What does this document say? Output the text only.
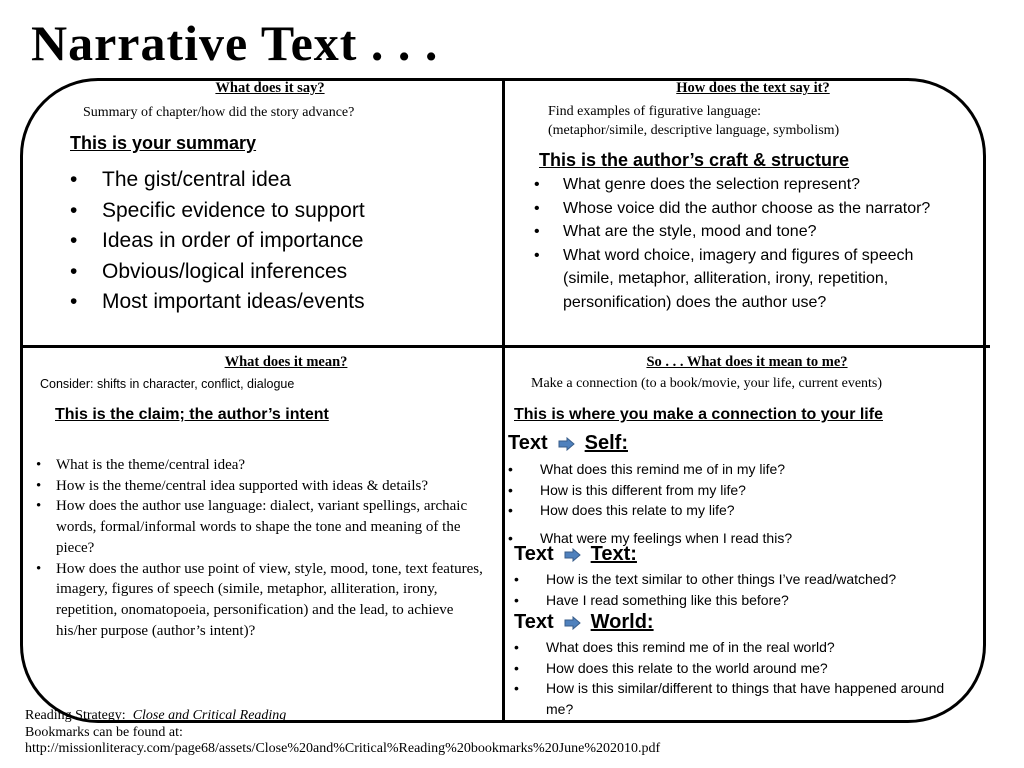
Narrative Text . . .
What does it say?
Summary of chapter/how did the story advance?
This is your summary
• The gist/central idea
• Specific evidence to support
• Ideas in order of importance
• Obvious/logical inferences
• Most important ideas/events
How does the text say it?
Find examples of figurative language:
(metaphor/simile, descriptive language, symbolism)
This is the author’s craft & structure
• What genre does the selection represent?
• Whose voice did the author choose as the narrator?
• What are the style, mood and tone?
• What word choice, imagery and figures of speech (simile, metaphor, alliteration, irony, repetition, personification) does the author use?
What does it mean?
Consider: shifts in character, conflict, dialogue
This is the claim; the author’s intent
• What is the theme/central idea?
• How is the theme/central idea supported with ideas & details?
• How does the author use language: dialect, variant spellings, archaic words, formal/informal words to shape the tone and meaning of the piece?
• How does the author use point of view, style, mood, tone, text features, imagery, figures of speech (simile, metaphor, alliteration, irony, repetition, onomatopoeia, personification) and the lead, to achieve his/her purpose (author’s intent)?
So . . . What does it mean to me?
Make a connection (to a book/movie, your life, current events)
This is where you make a connection to your life
Text Self:
• What does this remind me of in my life?
• How is this different from my life?
• How does this relate to my life?
• What were my feelings when I read this?
Text Text:
• How is the text similar to other things I’ve read/watched?
• Have I read something like this before?
Text World:
• What does this remind me of in the real world?
• How does this relate to the world around me?
• How is this similar/different to things that have happened around me?
Reading Strategy: Close and Critical Reading
Bookmarks can be found at:
http://missionliteracy.com/page68/assets/Close%20and%Critical%Reading%20bookmarks%20June%202010.pdf
